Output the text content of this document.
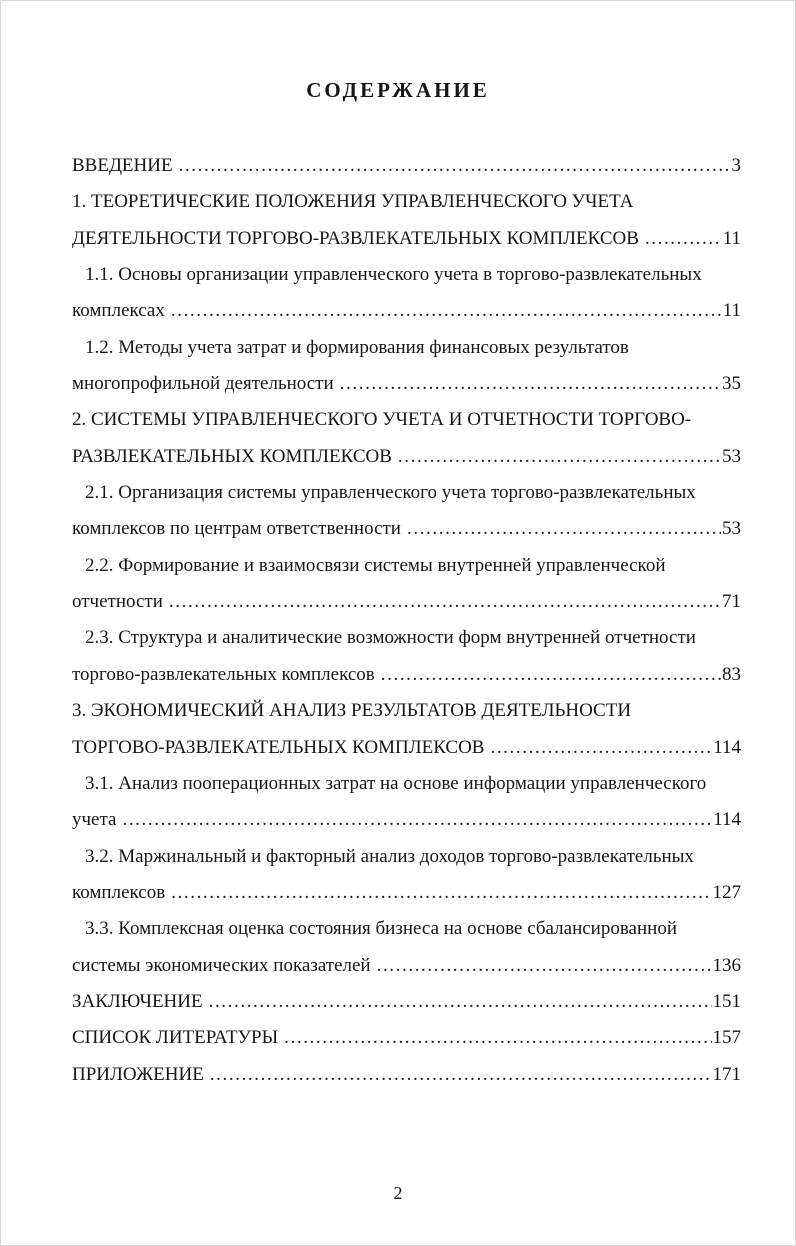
СОДЕРЖАНИЕ
ВВЕДЕНИЕ .....	3
1. ТЕОРЕТИЧЕСКИЕ ПОЛОЖЕНИЯ УПРАВЛЕНЧЕСКОГО УЧЕТА
ДЕЯТЕЛЬНОСТИ ТОРГОВО-РАЗВЛЕКАТЕЛЬНЫХ КОМПЛЕКСОВ .....	11
1.1. Основы организации управленческого учета в торгово-развлекательных
комплексах .....	11
1.2. Методы учета затрат и формирования финансовых результатов
многопрофильной деятельности .....	35
2. СИСТЕМЫ УПРАВЛЕНЧЕСКОГО УЧЕТА И ОТЧЕТНОСТИ ТОРГОВО-
РАЗВЛЕКАТЕЛЬНЫХ КОМПЛЕКСОВ .....	53
2.1. Организация системы управленческого учета торгово-развлекательных
комплексов по центрам ответственности .....	53
2.2. Формирование и взаимосвязи системы внутренней управленческой
отчетности .....	71
2.3. Структура и аналитические возможности форм внутренней отчетности
торгово-развлекательных комплексов .....	83
3. ЭКОНОМИЧЕСКИЙ АНАЛИЗ РЕЗУЛЬТАТОВ ДЕЯТЕЛЬНОСТИ
ТОРГОВО-РАЗВЛЕКАТЕЛЬНЫХ КОМПЛЕКСОВ .....	114
3.1. Анализ пооперационных затрат на основе информации управленческого
учета .....	114
3.2. Маржинальный и факторный анализ доходов торгово-развлекательных
комплексов .....	127
3.3. Комплексная оценка состояния бизнеса на основе сбалансированной
системы экономических показателей .....	136
ЗАКЛЮЧЕНИЕ .....	151
СПИСОК ЛИТЕРАТУРЫ .....	157
ПРИЛОЖЕНИЕ .....	171
2
